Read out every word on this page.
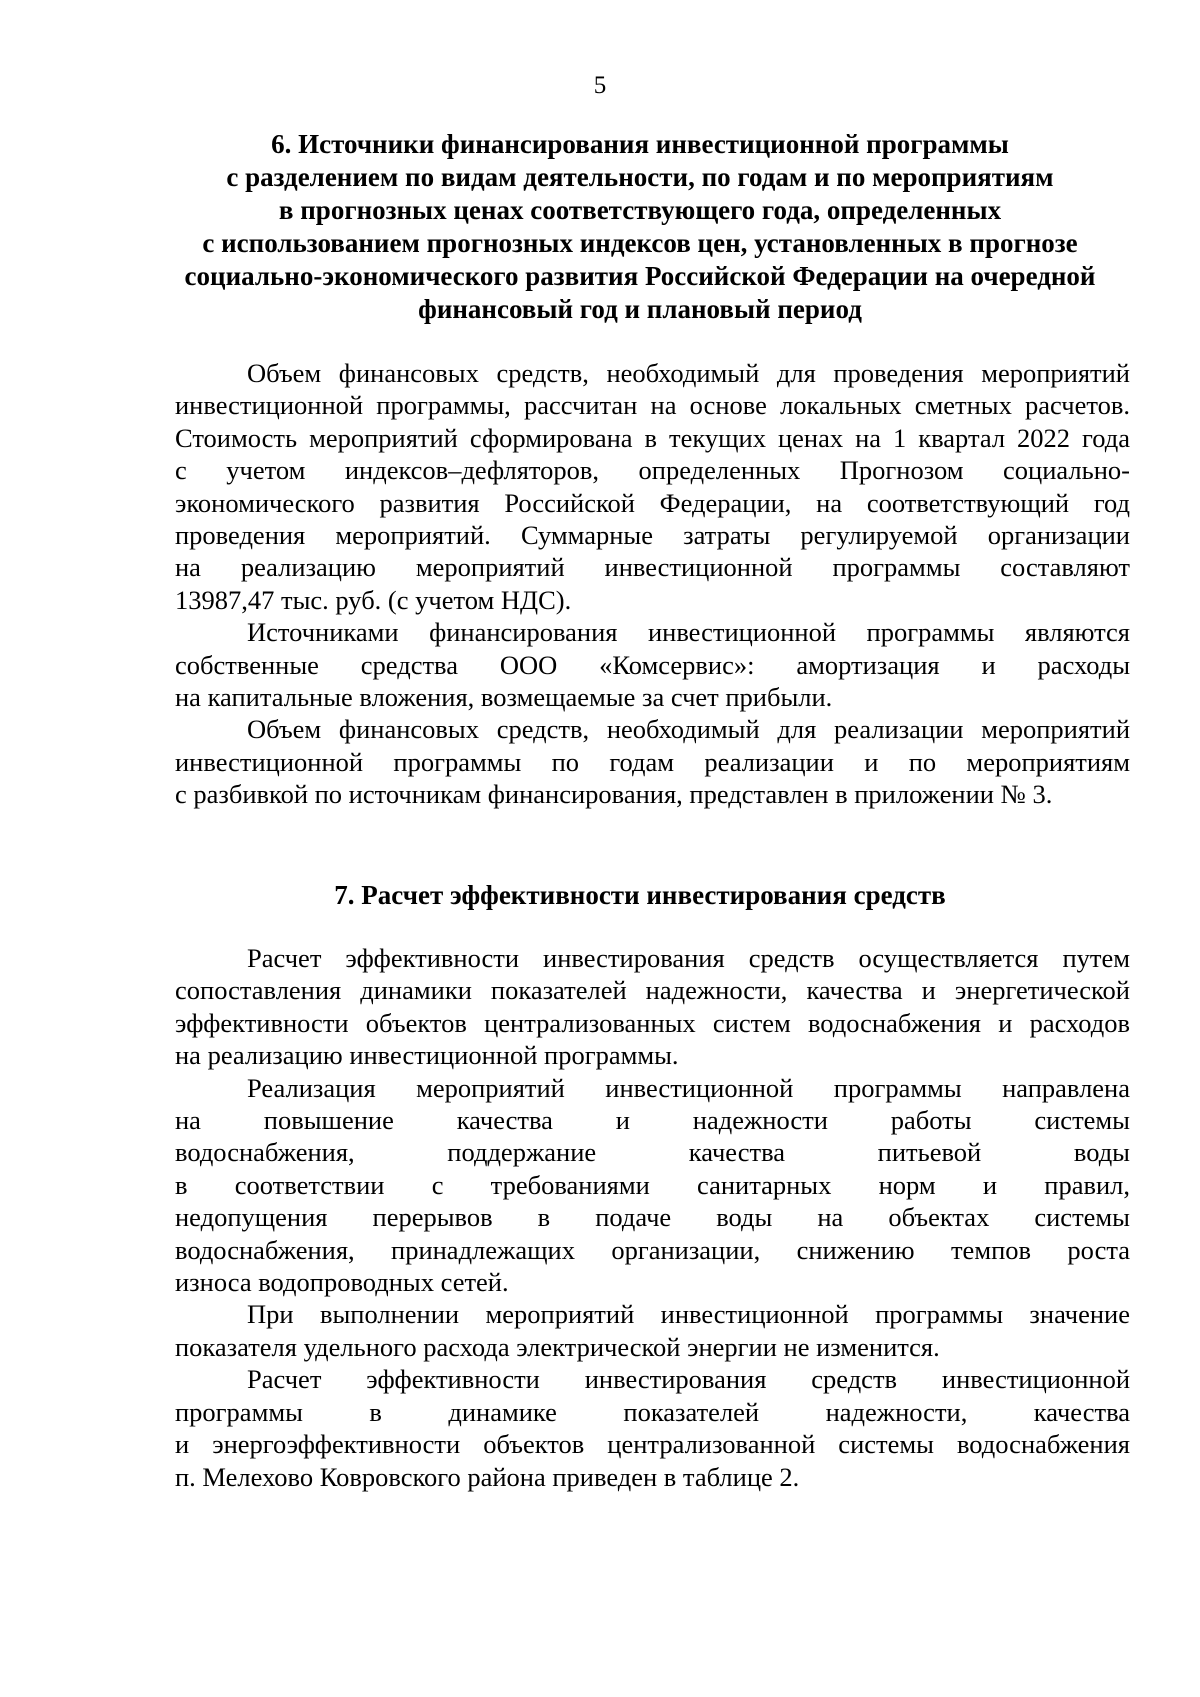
5
6. Источники финансирования инвестиционной программы
с разделением по видам деятельности, по годам и по мероприятиям
в прогнозных ценах соответствующего года, определенных
с использованием прогнозных индексов цен, установленных в прогнозе
социально-экономического развития Российской Федерации на очередной
финансовый год и плановый период

Объем финансовых средств, необходимый для проведения мероприятий
инвестиционной программы, рассчитан на основе локальных сметных расчетов.
Стоимость мероприятий сформирована в текущих ценах на 1 квартал 2022 года
с учетом индексов–дефляторов, определенных Прогнозом социально-
экономического развития Российской Федерации, на соответствующий год
проведения мероприятий. Суммарные затраты регулируемой организации
на реализацию мероприятий инвестиционной программы составляют
13987,47 тыс. руб. (с учетом НДС).

Источниками финансирования инвестиционной программы являются
собственные средства ООО «Комсервис»: амортизация и расходы
на капитальные вложения, возмещаемые за счет прибыли.

Объем финансовых средств, необходимый для реализации мероприятий
инвестиционной программы по годам реализации и по мероприятиям
с разбивкой по источникам финансирования, представлен в приложении № 3.

7. Расчет эффективности инвестирования средств

Расчет эффективности инвестирования средств осуществляется путем
сопоставления динамики показателей надежности, качества и энергетической
эффективности объектов централизованных систем водоснабжения и расходов
на реализацию инвестиционной программы.

Реализация мероприятий инвестиционной программы направлена
на повышение качества и надежности работы системы
водоснабжения, поддержание качества питьевой воды
в соответствии с требованиями санитарных норм и правил,
недопущения перерывов в подаче воды на объектах системы
водоснабжения, принадлежащих организации, снижению темпов роста
износа водопроводных сетей.

При выполнении мероприятий инвестиционной программы значение
показателя удельного расхода электрической энергии не изменится.

Расчет эффективности инвестирования средств инвестиционной
программы в динамике показателей надежности, качества
и энергоэффективности объектов централизованной системы водоснабжения
п. Мелехово Ковровского района приведен в таблице 2.
